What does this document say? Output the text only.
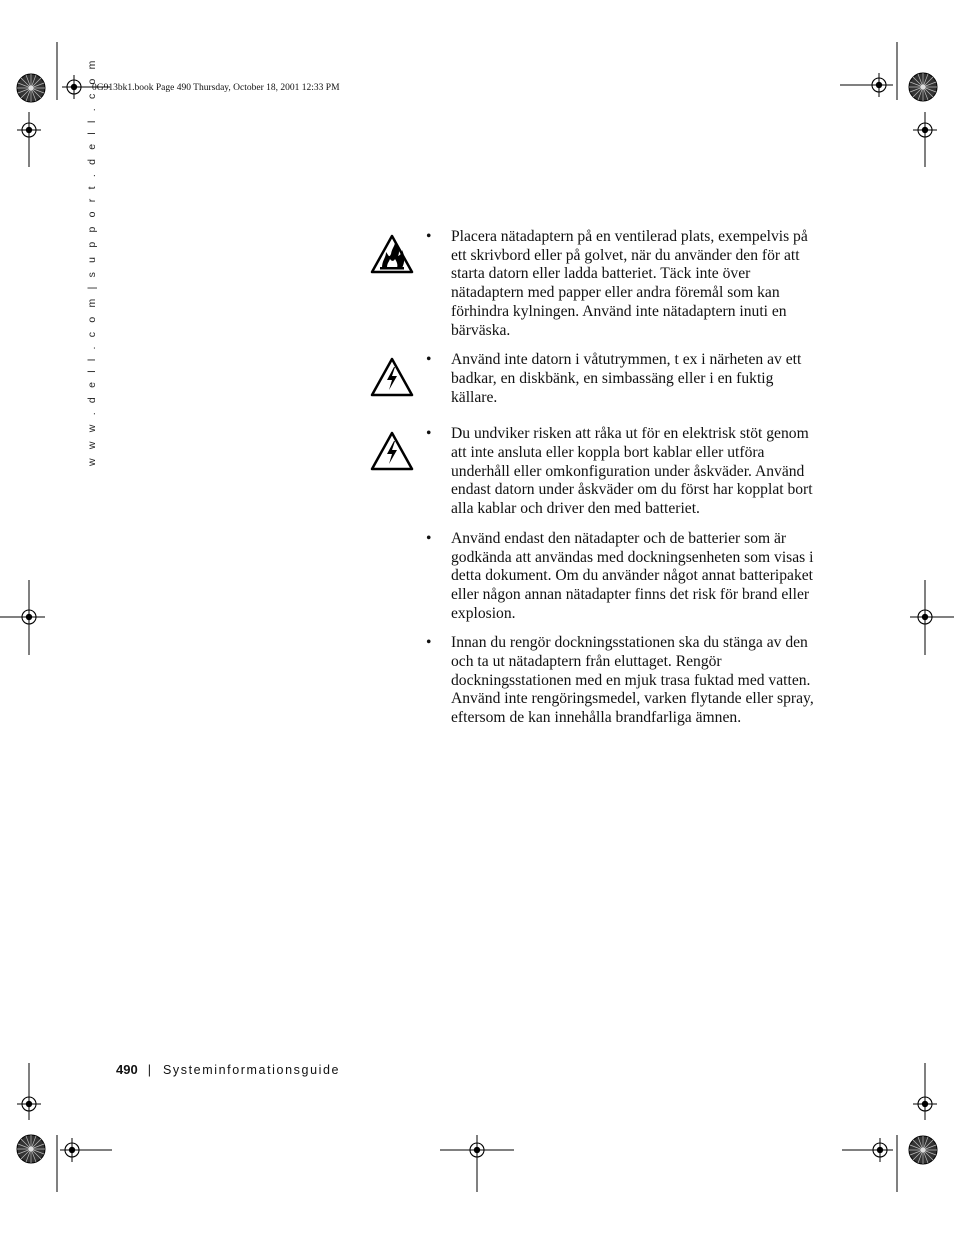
0G913bk1.book Page 490 Thursday, October 18, 2001 12:33 PM
w w w . d e l l . c o m | s u p p o r t . d e l l . c o m	• Placera nätadaptern på en ventilerad plats, exempelvis på ett skrivbord eller på golvet, när du använder den för att starta datorn eller ladda batteriet. Täck inte över nätadaptern med papper eller andra föremål som kan förhindra kylningen. Använd inte nätadaptern inuti en bärväska.
• Använd inte datorn i våtutrymmen, t ex i närheten av ett badkar, en diskbänk, en simbassäng eller i en fuktig källare.
• Du undviker risken att råka ut för en elektrisk stöt genom att inte ansluta eller koppla bort kablar eller utföra underhåll eller omkonfiguration under åskväder. Använd endast datorn under åskväder om du först har kopplat bort alla kablar och driver den med batteriet.
• Använd endast den nätadapter och de batterier som är godkända att användas med dockningsenheten som visas i detta dokument. Om du använder något annat batteripaket eller någon annan nätadapter finns det risk för brand eller explosion.
• Innan du rengör dockningsstationen ska du stänga av den och ta ut nätadaptern från eluttaget. Rengör dockningsstationen med en mjuk trasa fuktad med vatten. Använd inte rengöringsmedel, varken flytande eller spray, eftersom de kan innehålla brandfarliga ämnen.
490 | Systeminformationsguide
